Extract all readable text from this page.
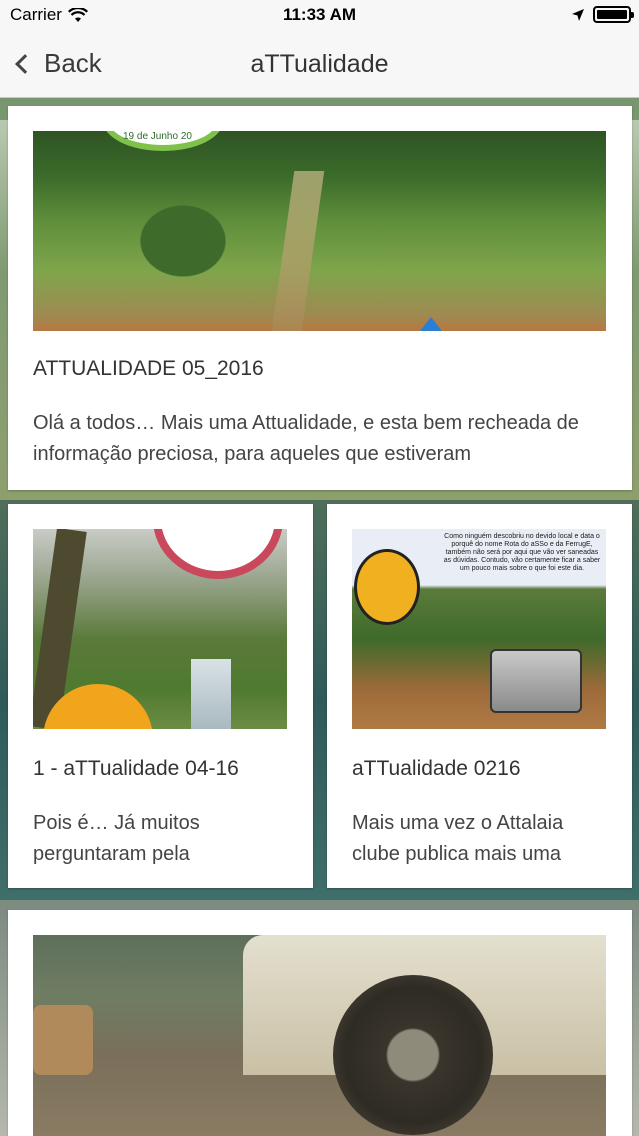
Carrier	11:33 AM
Back	aTTualidade
19 de Junho 20
ATTUALIDADE 05_2016
Olá a todos… Mais uma Attualidade, e esta bem recheada de informação preciosa, para aqueles que estiveram
1 - aTTualidade 04-16
Pois é… Já muitos perguntaram pela
Como ninguém descobriu no devido local e data o porquê do nome Rota do aSSo e da FerrugE, também não será por aqui que vão ver saneadas as dúvidas. Contudo, vão certamente ficar a saber um pouco mais sobre o que foi este dia.
aTTualidade 0216
Mais uma vez o Attalaia clube publica mais uma
